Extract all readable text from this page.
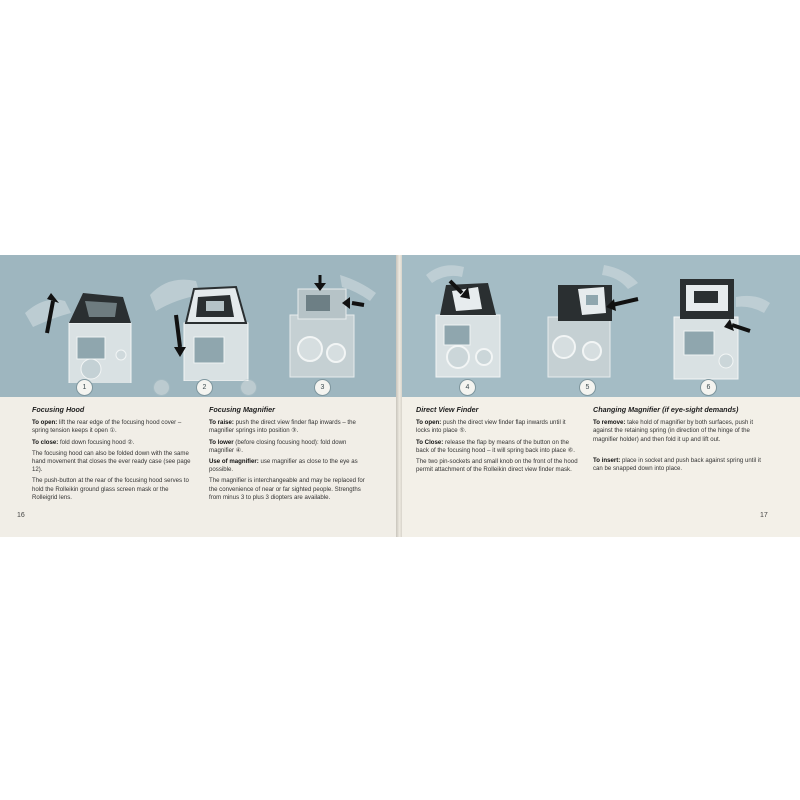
1	2	3
Focusing Hood

To open: lift the rear edge of the focusing hood cover – spring tension keeps it open ①.

To close: fold down focusing hood ②.

The focusing hood can also be folded down with the same hand movement that closes the ever ready case (see page 12).

The push-button at the rear of the focusing hood serves to hold the Rolleikin ground glass screen mask or the Rolleigrid lens.

Focusing Magnifier

To raise: push the direct view finder flap inwards – the magnifier springs into position ③.

To lower (before closing focusing hood): fold down magnifier ④.

Use of magnifier: use magnifier as close to the eye as possible.

The magnifier is interchangeable and may be replaced for the convenience of near or far sighted people. Strengths from minus 3 to plus 3 diopters are available.

16
4	5	6
Direct View Finder

To open: push the direct view finder flap inwards until it locks into place ⑤.

To Close: release the flap by means of the button on the back of the focusing hood – it will spring back into place ⑥.

The two pin-sockets and small knob on the front of the hood permit attachment of the Rolleikin direct view finder mask.

Changing Magnifier (if eye-sight demands)

To remove: take hold of magnifier by both surfaces, push it against the retaining spring (in direction of the hinge of the magnifier holder) and then fold it up and lift out.

To insert: place in socket and push back against spring until it can be snapped down into place.

17
